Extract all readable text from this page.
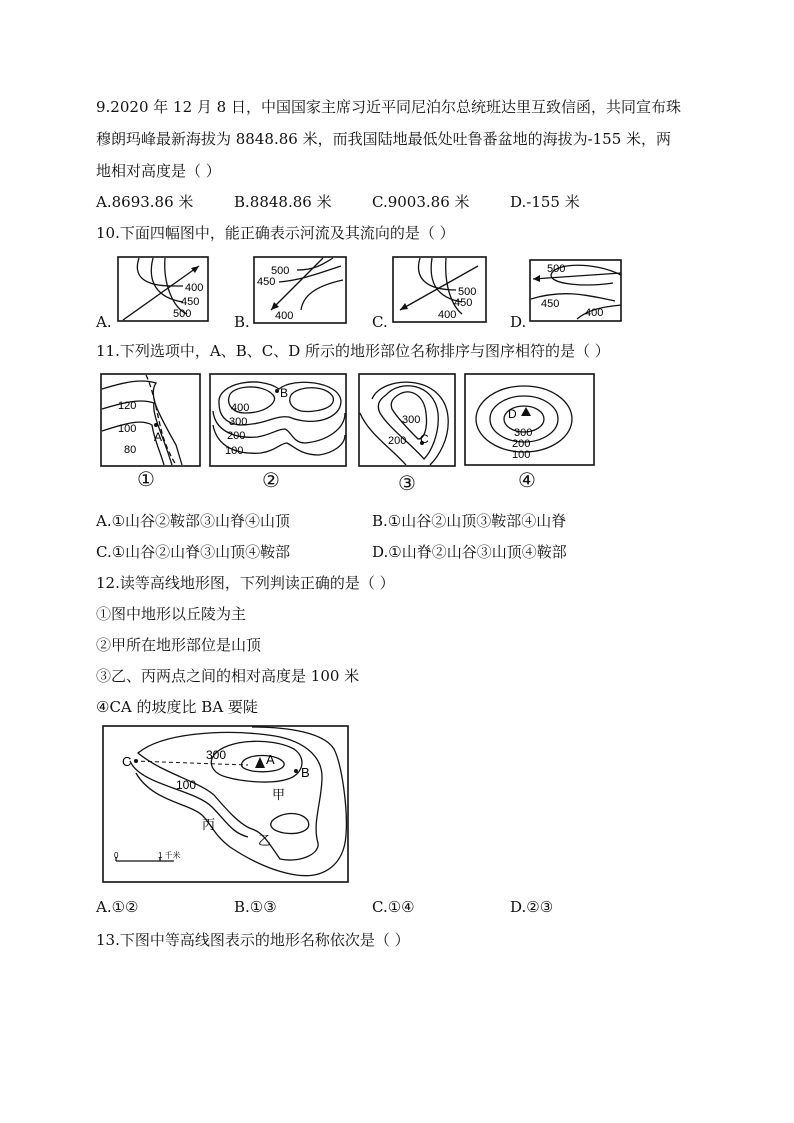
9.2020 年 12 月 8 日，中国国家主席习近平同尼泊尔总统班达里互致信函，共同宣布珠
穆朗玛峰最新海拔为 8848.86 米，而我国陆地最低处吐鲁番盆地的海拔为-155 米，两
地相对高度是（ ）
A.8693.86 米	B.8848.86 米	C.9003.86 米	D.-155 米
10.下面四幅图中，能正确表示河流及其流向的是（ ）
A.
400
450
500	B.
500
450
400	C.
500
450
400	D.
500
450
400
11.下列选项中，A、B、C、D 所示的地形部位名称排序与图序相符的是（ ）
120
100
80
A
B
400
300
200
100
300
200 C
D
300
200
100
①	②	③	④
A.①山谷②鞍部③山脊④山顶	B.①山谷②山顶③鞍部④山脊
C.①山谷②山脊③山顶④鞍部	D.①山脊②山谷③山顶④鞍部
12.读等高线地形图，下列判读正确的是（ ）
①图中地形以丘陵为主
②甲所在地形部位是山顶
③乙、丙两点之间的相对高度是 100 米
④CA 的坡度比 BA 要陡
C	300	A
B
100
甲
丙
乙
0	1 千米
A.①②	B.①③	C.①④	D.②③
13.下图中等高线图表示的地形名称依次是（ ）
